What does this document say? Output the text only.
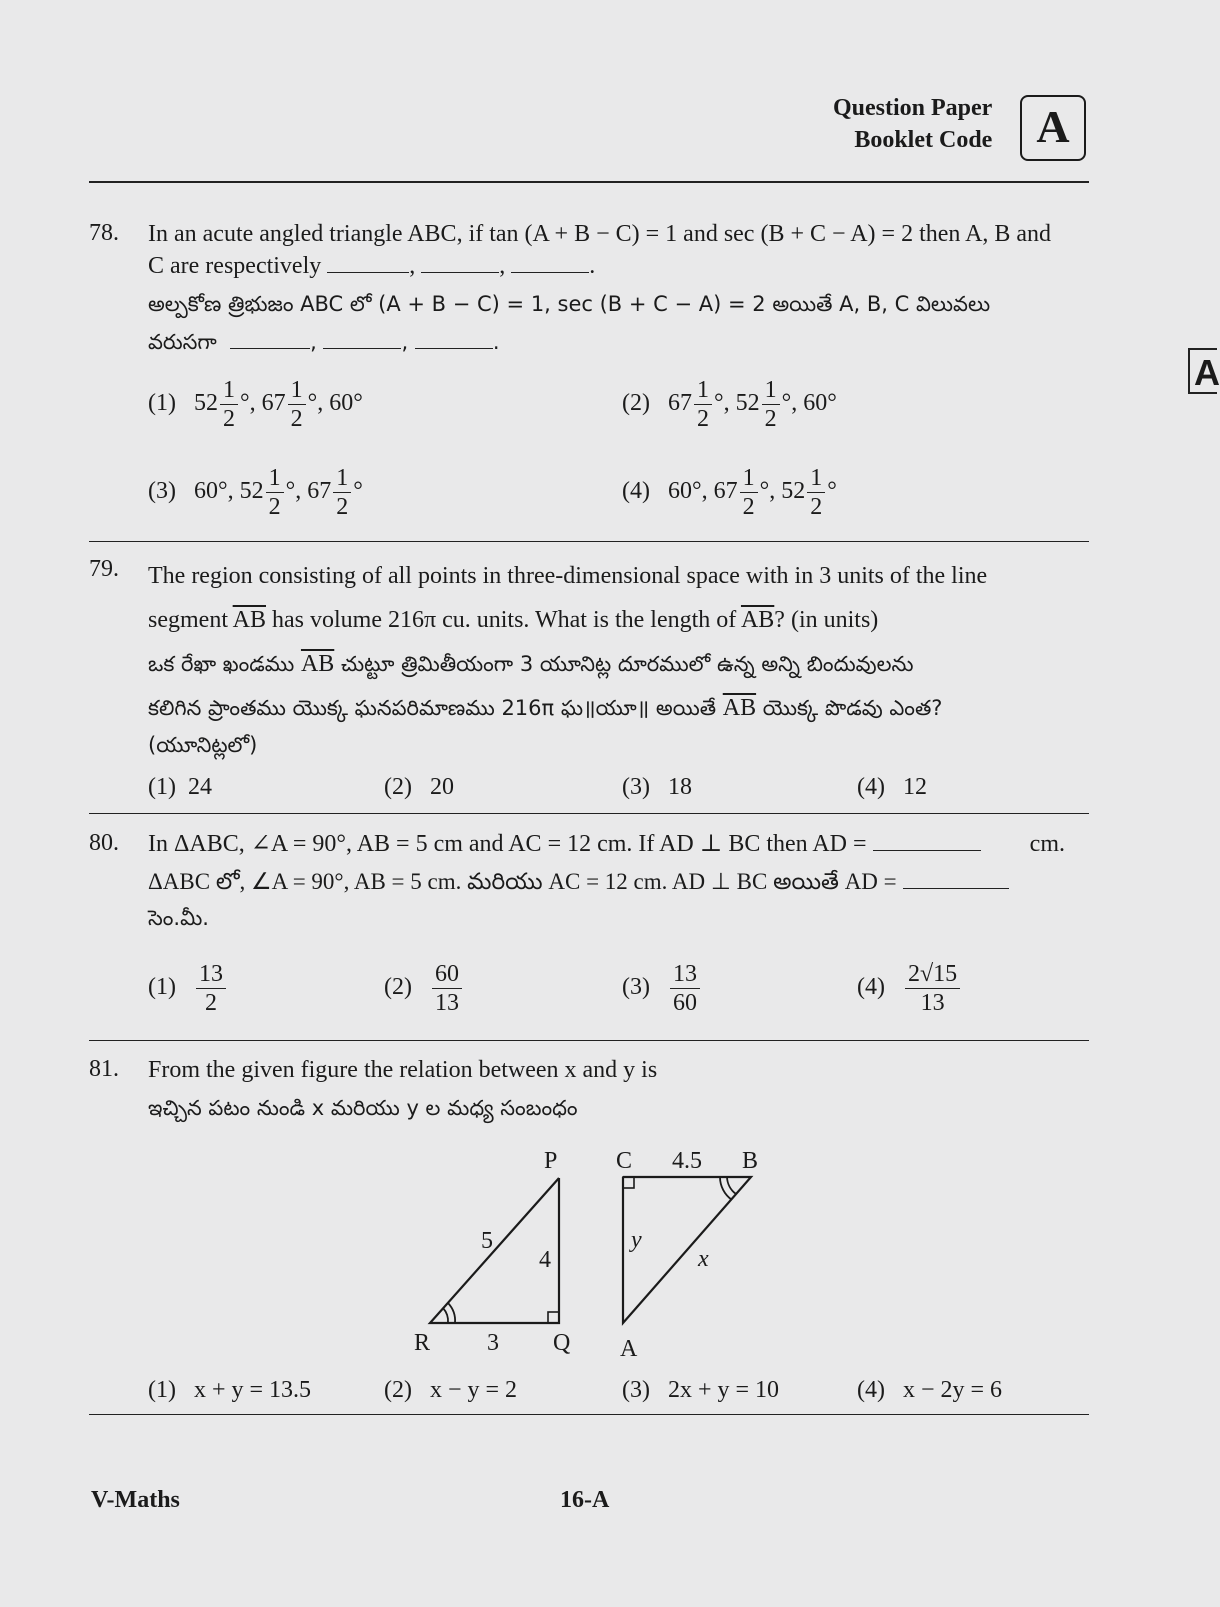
Question Paper
Booklet Code A
A
78. In an acute angled triangle ABC, if tan (A + B − C) = 1 and sec (B + C − A) = 2 then A, B and
C are respectively	,	,	.
అల్పకోణ త్రిభుజం ABC లో (A + B − C) = 1, sec (B + C − A) = 2 అయితే A, B, C విలువలు
వరుసగా	,	,	.
(1) $52 \frac{1}{2}$ °, $67 \frac{1}{2}$ °, 60°	(2) $67 \frac{1}{2}$ °, $52 \frac{1}{2}$ °, 60°
(3) 60°, $52 \frac{1}{2}$ °, $67 \frac{1}{2}$ °	(4) 60°, $67 \frac{1}{2}$ °, $52 \frac{1}{2}$ °
79. The region consisting of all points in three-dimensional space with in 3 units of the line
segment $\overline{AB}$ has volume 216π cu. units. What is the length of $\overline{AB}$? (in units)
ఒక రేఖా ఖండము $\overline{AB}$ చుట్టూ త్రిమితీయంగా 3 యూనిట్ల దూరములో ఉన్న అన్ని బిందువులను
కలిగిన ప్రాంతము యొక్క ఘనపరిమాణము 216π ఘ॥యూ॥ అయితే $\overline{AB}$ యొక్క పొడవు ఎంత?
(యూనిట్లలో)
(1) 24	(2) 20	(3) 18	(4) 12
80. In ΔABC, ∠A = 90°, AB = 5 cm and AC = 12 cm. If AD ⊥ BC then AD =	cm.
ΔABC లో, ∠A = 90°, AB = 5 cm. మరియు AC = 12 cm. AD ⊥ BC అయితే AD =
సెం.మీ.
$(1) \frac{13}{2}$	$(2) \frac{60}{13}$	$(3) \frac{13}{60}$	$(4) \frac{2√15}{13}$
81. From the given figure the relation between x and y is
ఇచ్చిన పటం నుండి x మరియు y ల మధ్య సంబంధం
P
Q
R
5
4
3
C	B
A
4.5
y
x
(1) x + y = 13.5	(2) x − y = 2	(3) 2x + y = 10	(4) x − 2y = 6
V-Maths	16-A
